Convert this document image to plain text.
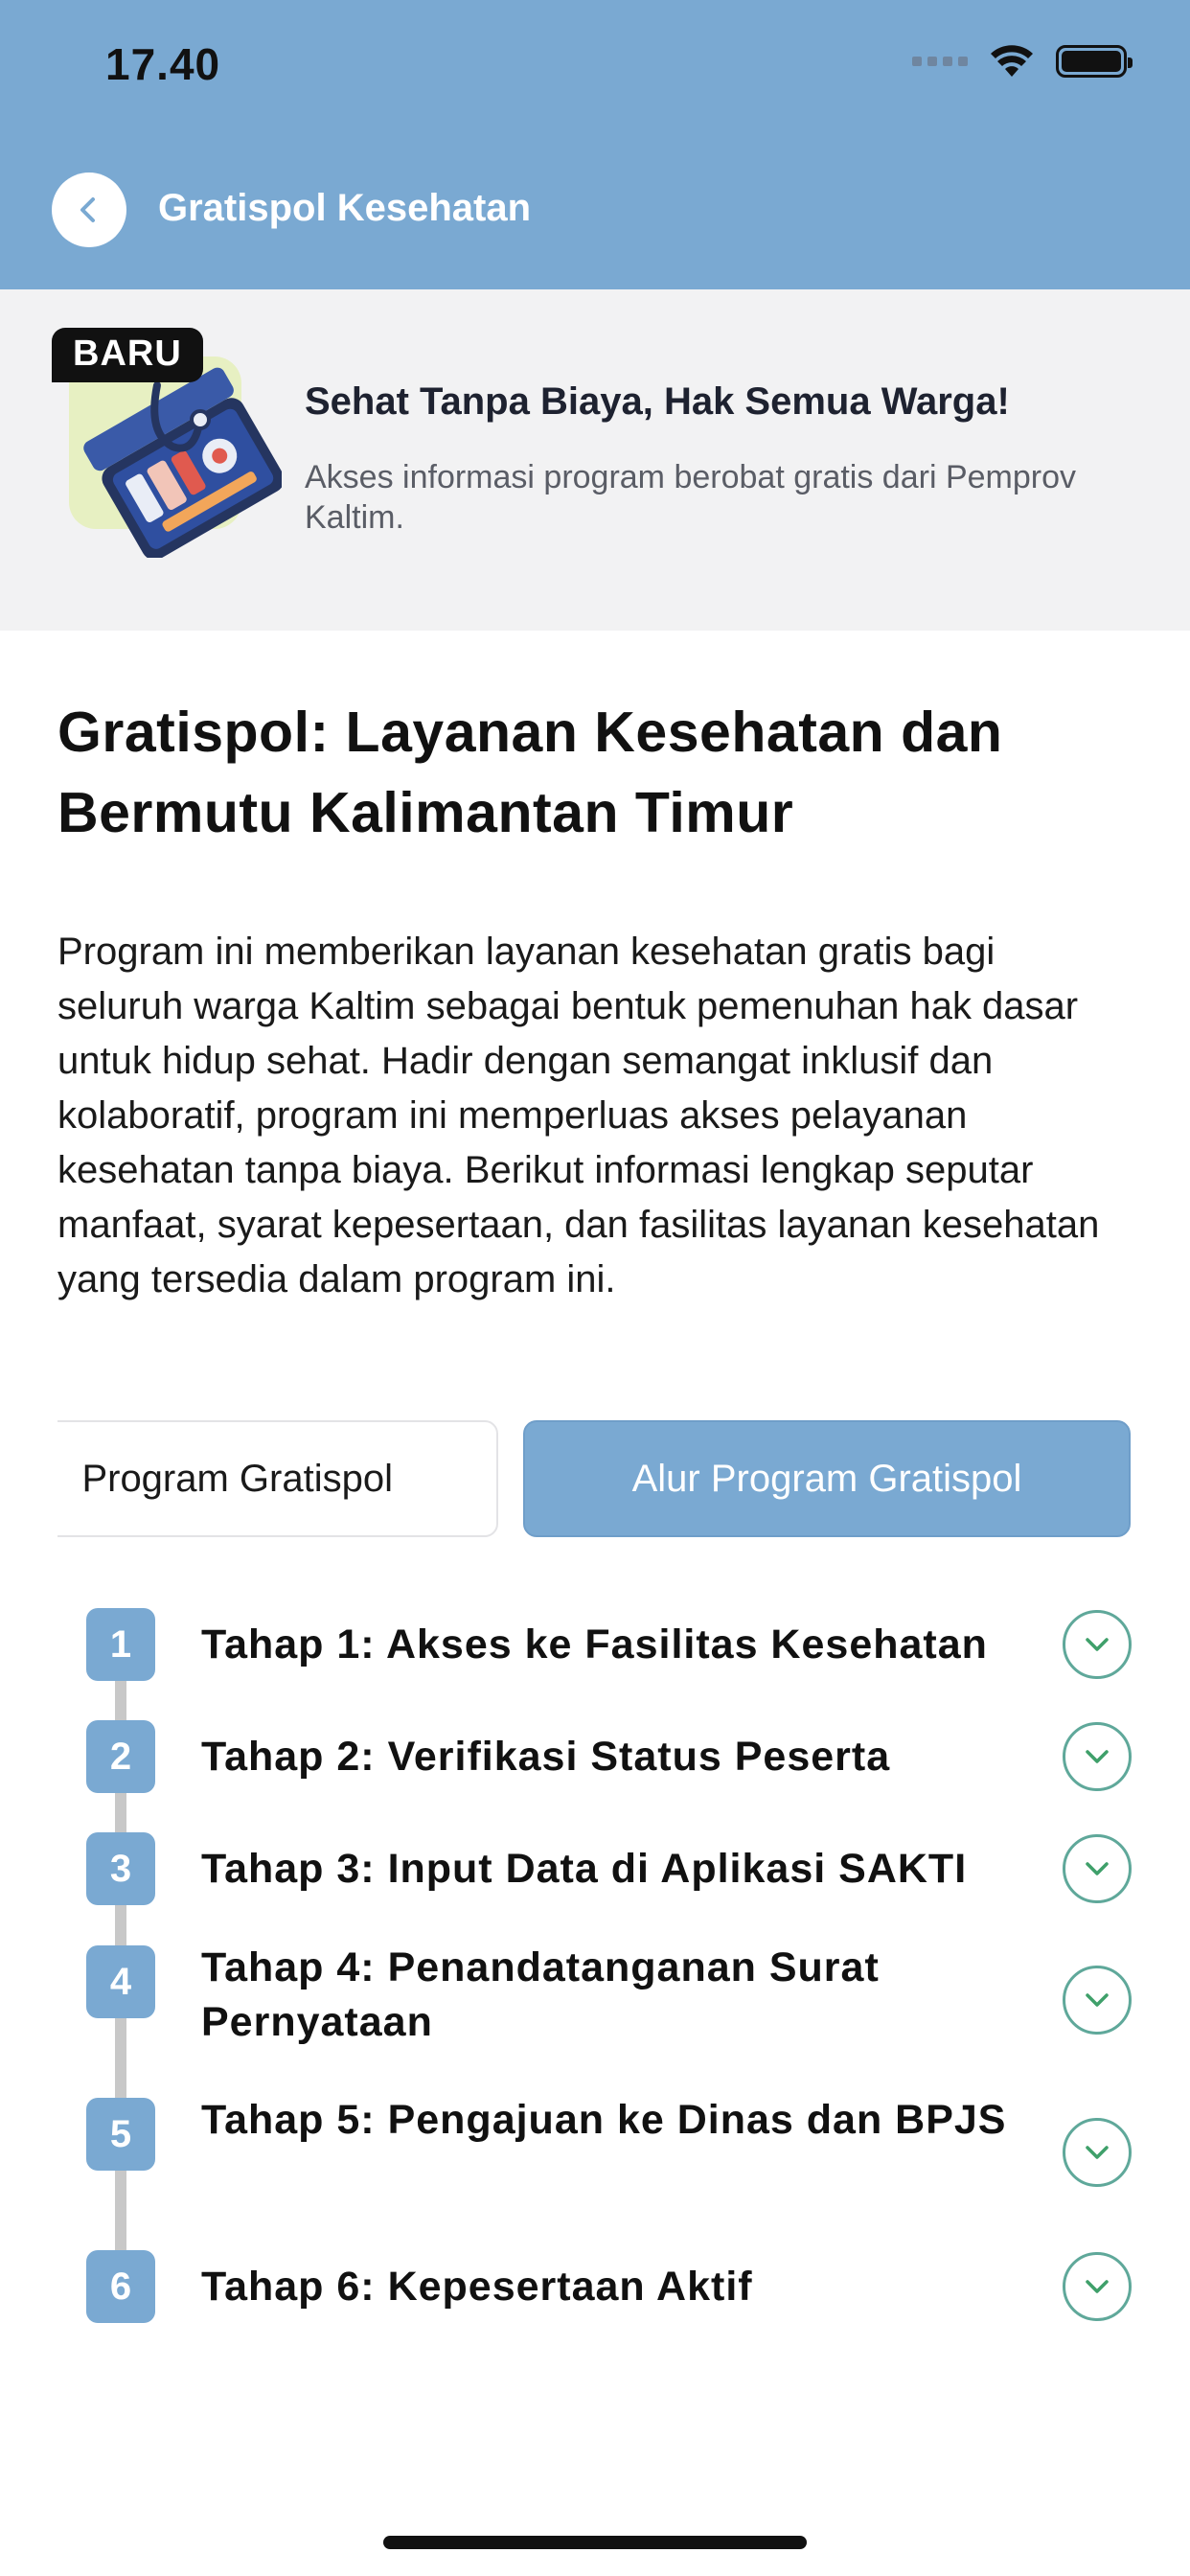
17.40
Gratispol Kesehatan
BARU
Sehat Tanpa Biaya, Hak Semua Warga!
Akses informasi program berobat gratis dari Pemprov Kaltim.
Gratispol: Layanan Kesehatan dan Bermutu Kalimantan Timur
Program ini memberikan layanan kesehatan gratis bagi seluruh warga Kaltim sebagai bentuk pemenuhan hak dasar untuk hidup sehat. Hadir dengan semangat inklusif dan kolaboratif, program ini memperluas akses pelayanan kesehatan tanpa biaya. Berikut informasi lengkap seputar manfaat, syarat kepesertaan, dan fasilitas layanan kesehatan yang tersedia dalam program ini.
Program Gratispol	Alur Program Gratispol
1	Tahap 1: Akses ke Fasilitas Kesehatan
2	Tahap 2: Verifikasi Status Peserta
3	Tahap 3: Input Data di Aplikasi SAKTI
4	Tahap 4: Penandatanganan Surat Pernyataan
5	Tahap 5: Pengajuan ke Dinas dan BPJS
6	Tahap 6: Kepesertaan Aktif
